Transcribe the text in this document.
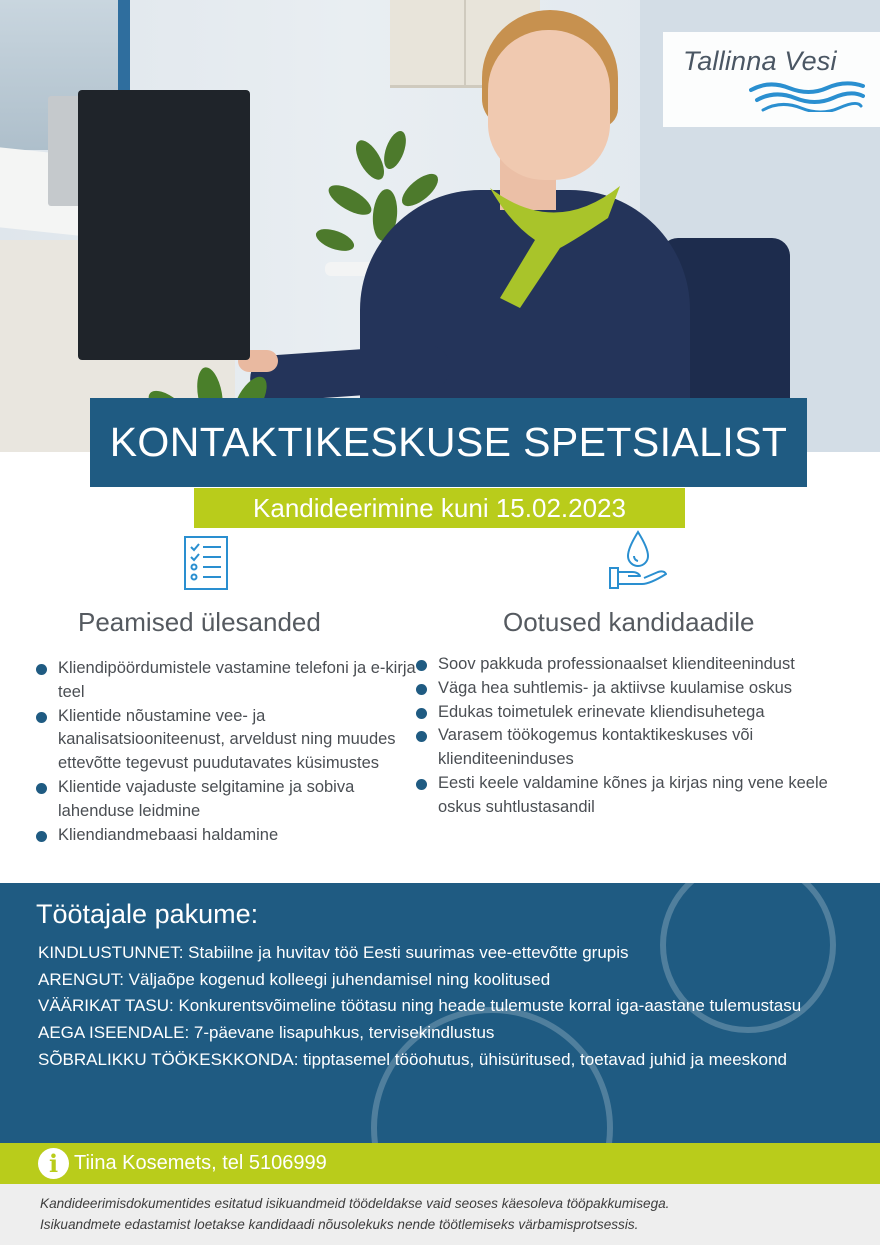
Tallinna Vesi
KONTAKTIKESKUSE SPETSIALIST
Kandideerimine kuni 15.02.2023
Peamised ülesanded	Ootused kandidaadile
Kliendipöördumistele vastamine telefoni ja e-kirja teel
Klientide nõustamine vee- ja kanalisatsiooniteenust, arveldust ning muudes ettevõtte tegevust puudutavates küsimustes
Klientide vajaduste selgitamine ja sobiva lahenduse leidmine
Kliendiandmebaasi haldamine
Soov pakkuda professionaalset klienditeenindust
Väga hea suhtlemis- ja aktiivse kuulamise oskus
Edukas toimetulek erinevate kliendisuhetega
Varasem töökogemus kontaktikeskuses või klienditeeninduses
Eesti keele valdamine kõnes ja kirjas ning vene keele oskus suhtlustasandil
Töötajale pakume:

KINDLUSTUNNET: Stabiilne ja huvitav töö Eesti suurimas vee-ettevõtte grupis

ARENGUT: Väljaõpe kogenud kolleegi juhendamisel ning koolitused

VÄÄRIKAT TASU: Konkurentsvõimeline töötasu ning heade tulemuste korral iga-aastane tulemustasu

AEGA ISEENDALE: 7-päevane lisapuhkus, tervisekindlustus

SÕBRALIKKU TÖÖKESKKONDA: tipptasemel tööohutus, ühisüritused, toetavad juhid ja meeskond

i Tiina Kosemets, tel 5106999

Kandideerimisdokumentides esitatud isikuandmeid töödeldakse vaid seoses käesoleva tööpakkumisega.

Isikuandmete edastamist loetakse kandidaadi nõusolekuks nende töötlemiseks värbamisprotsessis.
